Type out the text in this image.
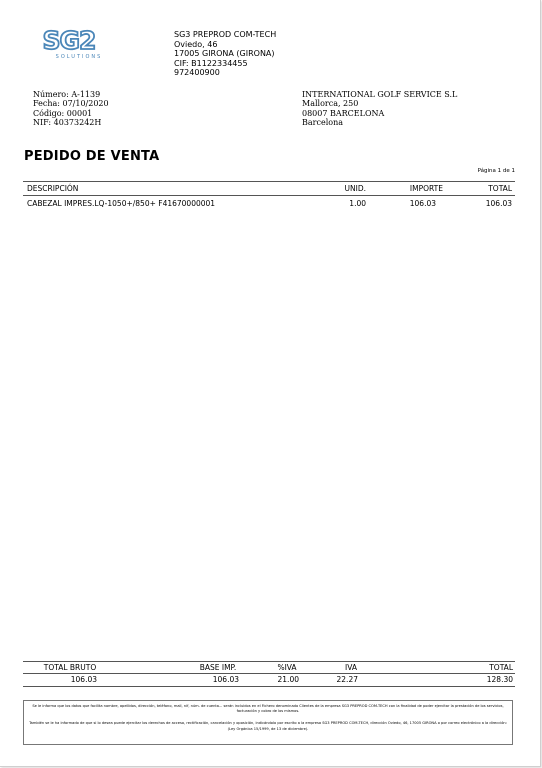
SG2
SOLUTIONS
SG3 PREPROD COM-TECH
Oviedo, 46
17005 GIRONA (GIRONA)
CIF: B1122334455
972400900
Número: A-1139
Fecha: 07/10/2020
Código: 00001
NIF: 40373242H
INTERNATIONAL GOLF SERVICE S.L
Mallorca, 250
08007 BARCELONA
Barcelona
PEDIDO DE VENTA
Página 1 de 1
DESCRIPCIÓN	UNID.	IMPORTE	TOTAL
CABEZAL IMPRES.LQ-1050+/850+ F41670000001	1.00	106.03	106.03
TOTAL BRUTO	BASE IMP.	%IVA	IVA	TOTAL
106.03	106.03	21.00	22.27	128.30

Se le informa que los datos que facilita nombre, apellidos, dirección, teléfono, mail, nif, núm. de cuenta... serán incluidos en el Fichero denominado Clientes de la empresa SG3 PREPROD COM-TECH con la finalidad de poder ejercitar la prestación de los servicios, facturación y cobro de los mismos.

También se le ha informado de que si lo desea puede ejercitar los derechos de acceso, rectificación, cancelación y oposición, indicándolo por escrito a la empresa SG3 PREPROD COM-TECH, dirección Oviedo, 46, 17005 GIRONA o por correo electrónico a la dirección: (Ley Orgánica 15/1999, de 13 de diciembre).
